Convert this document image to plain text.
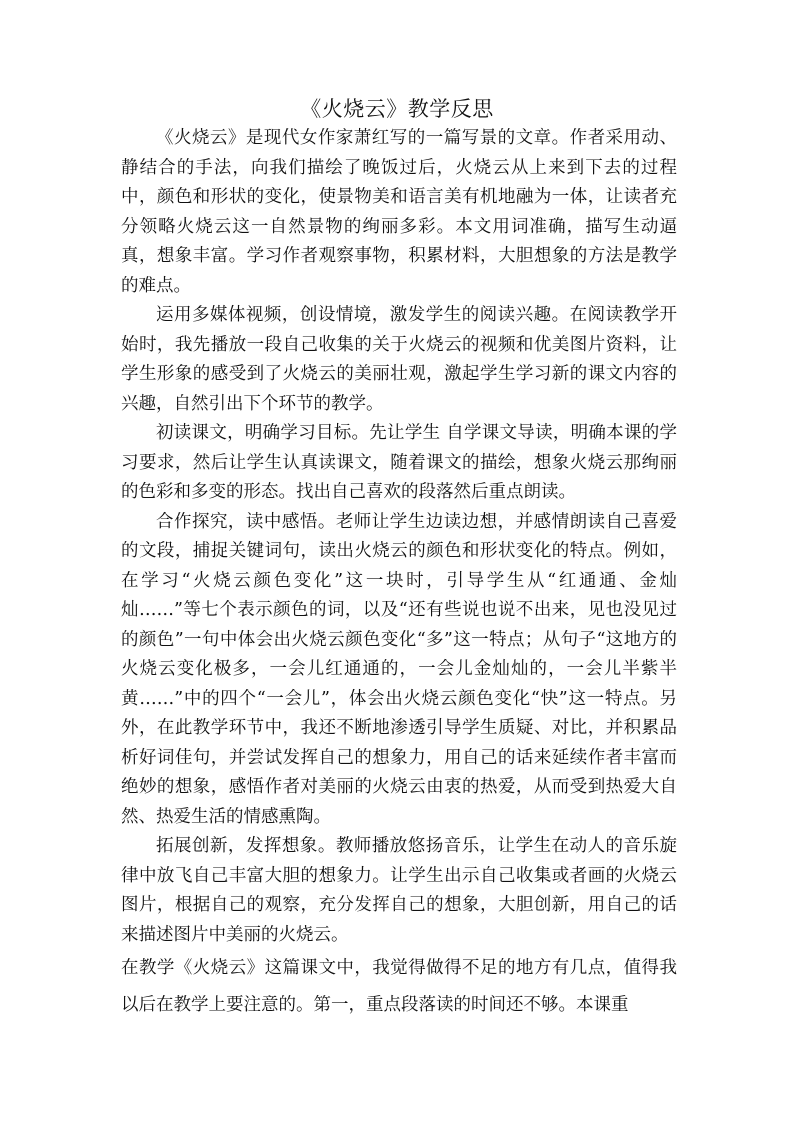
《火烧云》教学反思

《火烧云》是现代女作家萧红写的一篇写景的文章。作者采用动、静结合的手法，向我们描绘了晚饭过后，火烧云从上来到下去的过程中，颜色和形状的变化，使景物美和语言美有机地融为一体，让读者充分领略火烧云这一自然景物的绚丽多彩。本文用词准确，描写生动逼真，想象丰富。学习作者观察事物，积累材料，大胆想象的方法是教学的难点。

运用多媒体视频，创设情境，激发学生的阅读兴趣。在阅读教学开始时，我先播放一段自己收集的关于火烧云的视频和优美图片资料，让学生形象的感受到了火烧云的美丽壮观，激起学生学习新的课文内容的兴趣，自然引出下个环节的教学。

初读课文，明确学习目标。先让学生 自学课文导读，明确本课的学习要求，然后让学生认真读课文，随着课文的描绘，想象火烧云那绚丽的色彩和多变的形态。找出自己喜欢的段落然后重点朗读。

合作探究，读中感悟。老师让学生边读边想，并感情朗读自己喜爱的文段，捕捉关键词句，读出火烧云的颜色和形状变化的特点。例如，在学习“火烧云颜色变化”这一块时，引导学生从“红通通、金灿灿……”等七个表示颜色的词，以及“还有些说也说不出来，见也没见过的颜色”一句中体会出火烧云颜色变化“多”这一特点；从句子“这地方的火烧云变化极多，一会儿红通通的，一会儿金灿灿的，一会儿半紫半黄……”中的四个“一会儿”，体会出火烧云颜色变化“快”这一特点。另外，在此教学环节中，我还不断地渗透引导学生质疑、对比，并积累品析好词佳句，并尝试发挥自己的想象力，用自己的话来延续作者丰富而绝妙的想象，感悟作者对美丽的火烧云由衷的热爱，从而受到热爱大自然、热爱生活的情感熏陶。

拓展创新，发挥想象。教师播放悠扬音乐，让学生在动人的音乐旋律中放飞自己丰富大胆的想象力。让学生出示自己收集或者画的火烧云图片，根据自己的观察，充分发挥自己的想象，大胆创新，用自己的话来描述图片中美丽的火烧云。

在教学《火烧云》这篇课文中，我觉得做得不足的地方有几点，值得我以后在教学上要注意的。第一，重点段落读的时间还不够。本课重
